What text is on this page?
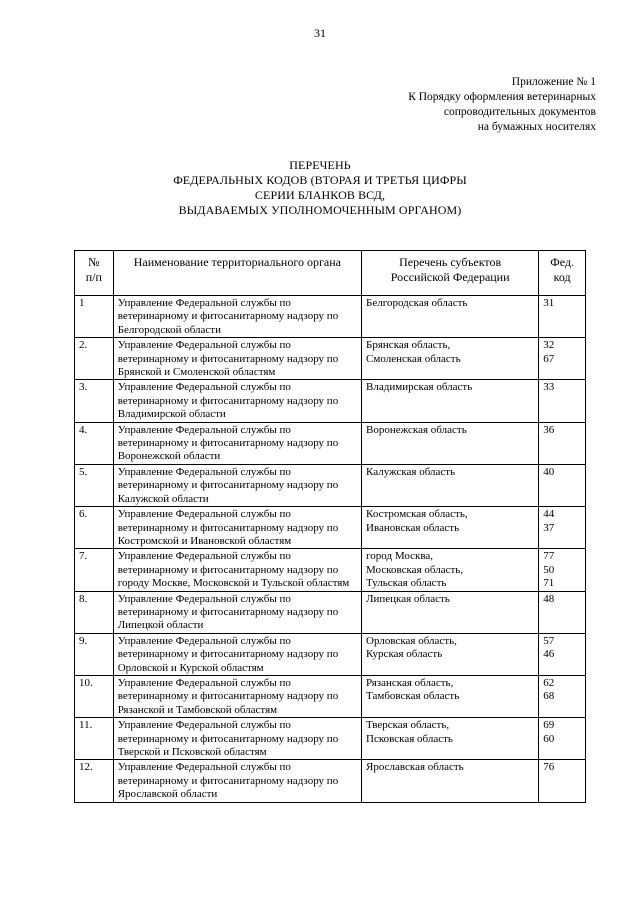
31
Приложение № 1
К Порядку оформления ветеринарных
сопроводительных документов
на бумажных носителях
ПЕРЕЧЕНЬ
ФЕДЕРАЛЬНЫХ КОДОВ (ВТОРАЯ И ТРЕТЬЯ ЦИФРЫ
СЕРИИ БЛАНКОВ ВСД,
ВЫДАВАЕМЫХ УПОЛНОМОЧЕННЫМ ОРГАНОМ)
№
п/п	Наименование территориального органа	Перечень субъектов
Российской Федерации	Фед.
код

1	Управление Федеральной службы по ветеринарному и фитосанитарному надзору по Белгородской области	Белгородская область	31

2.	Управление Федеральной службы по ветеринарному и фитосанитарному надзору по Брянской и Смоленской областям	Брянская область,
Смоленская область	32
67

3.	Управление Федеральной службы по ветеринарному и фитосанитарному надзору по Владимирской области	Владимирская область	33

4.	Управление Федеральной службы по ветеринарному и фитосанитарному надзору по Воронежской области	Воронежская область	36

5.	Управление Федеральной службы по ветеринарному и фитосанитарному надзору по Калужской области	Калужская область	40

6.	Управление Федеральной службы по ветеринарному и фитосанитарному надзору по Костромской и Ивановской областям	Костромская область,
Ивановская область	44
37

7.	Управление Федеральной службы по ветеринарному и фитосанитарному надзору по городу Москве, Московской и Тульской областям	город Москва,
Московская область,
Тульская область	77
50
71

8.	Управление Федеральной службы по ветеринарному и фитосанитарному надзору по Липецкой области	Липецкая область	48

9.	Управление Федеральной службы по ветеринарному и фитосанитарному надзору по Орловской и Курской областям	Орловская область,
Курская область	57
46

10.	Управление Федеральной службы по ветеринарному и фитосанитарному надзору по Рязанской и Тамбовской областям	Рязанская область,
Тамбовская область	62
68

11.	Управление Федеральной службы по ветеринарному и фитосанитарному надзору по Тверской и Псковской областям	Тверская область,
Псковская область	69
60

12.	Управление Федеральной службы по ветеринарному и фитосанитарному надзору по Ярославской области	Ярославская область	76
